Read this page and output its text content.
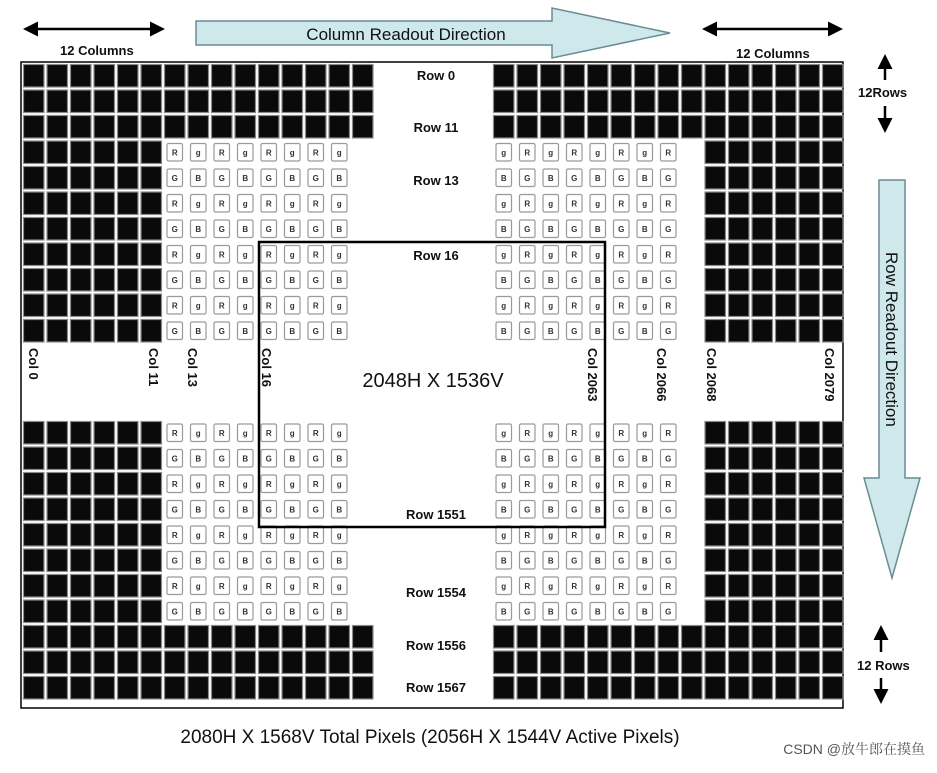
R g R g R g R g	g R g R g R g R
G B G B G B G B	B G B G B G B G
R g R g R g R g	g R g R g R g R
G B G B G B G B	B G B G B G B G
R g R g R g R g	g R g R g R g R
G B G B G B G B	B G B G B G B G
R g R g R g R g	g R g R g R g R
G B G B G B G B	B G B G B G B G
R g R g R g R g	g R g R g R g R
G B G B G B G B	B G B G B G B G
R g R g R g R g	g R g R g R g R
G B G B G B G B	B G B G B G B G
R g R g R g R g	g R g R g R g R
G B G B G B G B	B G B G B G B G
R g R g R g R g	g R g R g R g R
G B G B G B G B	B G B G B G B G
Column Readout Direction
Row Readout Direction
12 Columns	12 Columns
12Rows
12 Rows
Row 0
Row 11
Row 13
Row 16
Row 1551
Row 1554
Row 1556
Row 1567
Col 0	Col 11 Col 13	Col 16	Col 2063	Col 2066	Col 2068	Col 2079
2048H X 1536V
2080H X 1568V Total Pixels (2056H X 1544V Active Pixels)
CSDN @放牛郎在摸鱼
